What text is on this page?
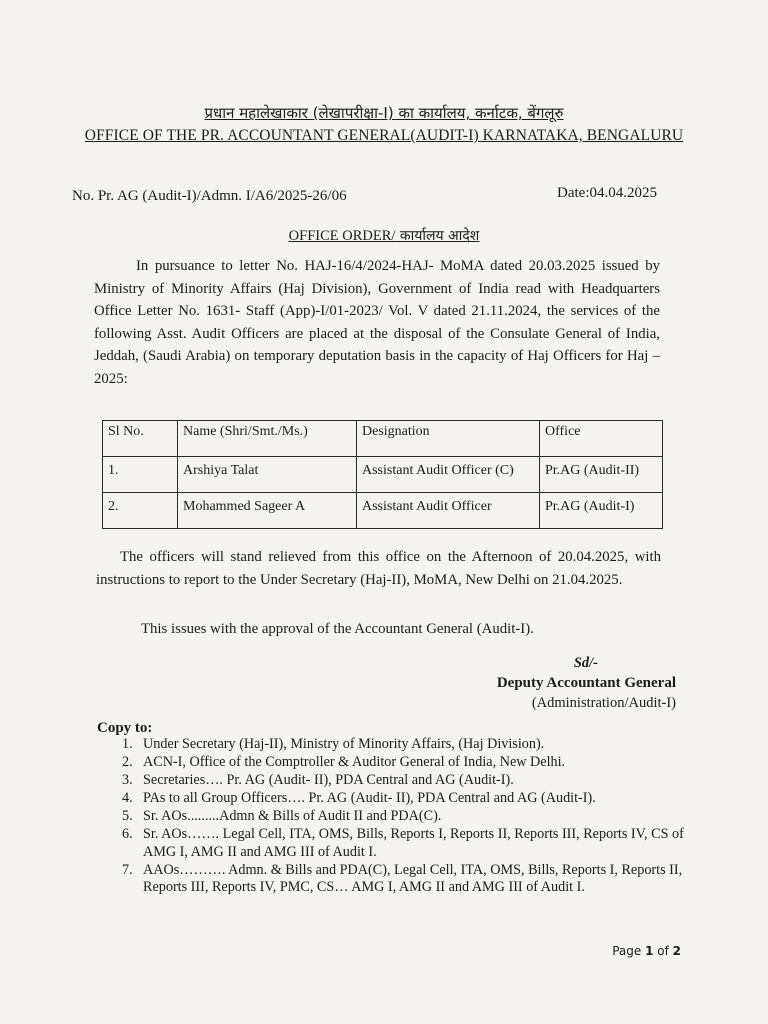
प्रधान महालेखाकार (लेखापरीक्षा-I) का कार्यालय, कर्नाटक, बेंगलूरु
OFFICE OF THE PR. ACCOUNTANT GENERAL(AUDIT-I) KARNATAKA, BENGALURU
No. Pr. AG (Audit-I)/Admn. I/A6/2025-26/06	Date:04.04.2025
OFFICE ORDER/ कार्यालय आदेश
In pursuance to letter No. HAJ-16/4/2024-HAJ- MoMA dated 20.03.2025 issued by Ministry of Minority Affairs (Haj Division), Government of India read with Headquarters Office Letter No. 1631- Staff (App)-I/01-2023/ Vol. V dated 21.11.2024, the services of the following Asst. Audit Officers are placed at the disposal of the Consulate General of India, Jeddah, (Saudi Arabia) on temporary deputation basis in the capacity of Haj Officers for Haj – 2025:
Sl No.	Name (Shri/Smt./Ms.)	Designation	Office
1.	Arshiya Talat	Assistant Audit Officer (C)	Pr.AG (Audit-II)
2.	Mohammed Sageer A	Assistant Audit Officer	Pr.AG (Audit-I)
The officers will stand relieved from this office on the Afternoon of 20.04.2025, with instructions to report to the Under Secretary (Haj-II), MoMA, New Delhi on 21.04.2025.
This issues with the approval of the Accountant General (Audit-I).
Sd/-
Deputy Accountant General
(Administration/Audit-I)
Copy to:
1. Under Secretary (Haj-II), Ministry of Minority Affairs, (Haj Division).
2. ACN-I, Office of the Comptroller & Auditor General of India, New Delhi.
3. Secretaries…. Pr. AG (Audit- II), PDA Central and AG (Audit-I).
4. PAs to all Group Officers…. Pr. AG (Audit- II), PDA Central and AG (Audit-I).
5. Sr. AOs.........Admn & Bills of Audit II and PDA(C).
6. Sr. AOs……. Legal Cell, ITA, OMS, Bills, Reports I, Reports II, Reports III, Reports IV, CS of AMG I, AMG II and AMG III of Audit I.
7. AAOs………. Admn. & Bills and PDA(C), Legal Cell, ITA, OMS, Bills, Reports I, Reports II, Reports III, Reports IV, PMC, CS… AMG I, AMG II and AMG III of Audit I.
Page 1 of 2
